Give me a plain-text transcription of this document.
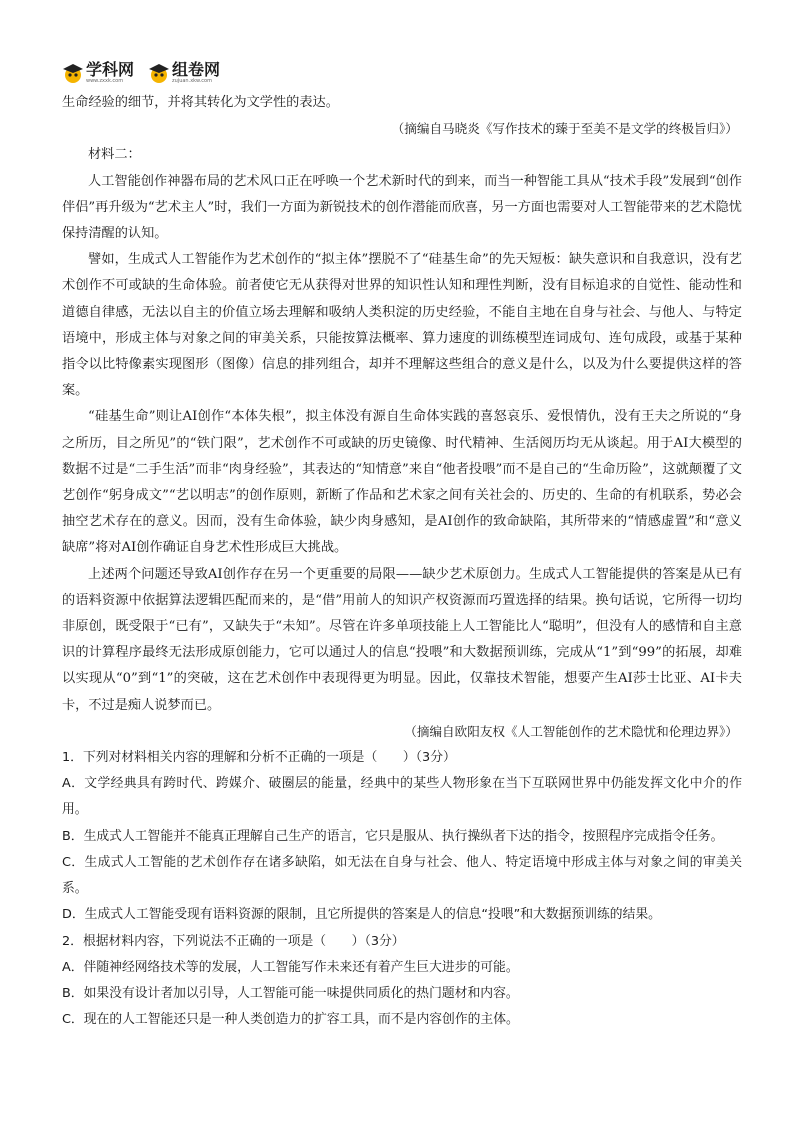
学科网
www.zxxk.com
组卷网
zujuan.xkw.com

生命经验的细节，并将其转化为文学性的表达。

（摘编自马晓炎《写作技术的臻于至美不是文学的终极旨归》）

材料二：

人工智能创作神器布局的艺术风口正在呼唤一个艺术新时代的到来，而当一种智能工具从“技术手段”发展到“创作伴侣”再升级为“艺术主人”时，我们一方面为新锐技术的创作潜能而欣喜，另一方面也需要对人工智能带来的艺术隐忧保持清醒的认知。

譬如，生成式人工智能作为艺术创作的“拟主体”摆脱不了“硅基生命”的先天短板：缺失意识和自我意识，没有艺术创作不可或缺的生命体验。前者使它无从获得对世界的知识性认知和理性判断，没有目标追求的自觉性、能动性和道德自律感，无法以自主的价值立场去理解和吸纳人类积淀的历史经验，不能自主地在自身与社会、与他人、与特定语境中，形成主体与对象之间的审美关系，只能按算法概率、算力速度的训练模型连词成句、连句成段，或基于某种指令以比特像素实现图形（图像）信息的排列组合，却并不理解这些组合的意义是什么，以及为什么要提供这样的答案。

“硅基生命”则让AI创作“本体失根”，拟主体没有源自生命体实践的喜怒哀乐、爱恨情仇，没有王夫之所说的“身之所历，目之所见”的“铁门限”，艺术创作不可或缺的历史镜像、时代精神、生活阅历均无从谈起。用于AI大模型的数据不过是“二手生活”而非“肉身经验”，其表达的“知情意”来自“他者投喂”而不是自己的“生命历险”，这就颠覆了文艺创作“躬身成文”“艺以明志”的创作原则，新断了作品和艺术家之间有关社会的、历史的、生命的有机联系，势必会抽空艺术存在的意义。因而，没有生命体验，缺少肉身感知，是AI创作的致命缺陷，其所带来的“情感虚置”和“意义缺席”将对AI创作确证自身艺术性形成巨大挑战。

上述两个问题还导致AI创作存在另一个更重要的局限——缺少艺术原创力。生成式人工智能提供的答案是从已有的语料资源中依据算法逻辑匹配而来的，是“借”用前人的知识产权资源而巧置选择的结果。换句话说，它所得一切均非原创，既受限于“已有”，又缺失于“未知”。尽管在许多单项技能上人工智能比人“聪明”，但没有人的感情和自主意识的计算程序最终无法形成原创能力，它可以通过人的信息“投喂”和大数据预训练，完成从“1”到“99”的拓展，却难以实现从“0”到“1”的突破，这在艺术创作中表现得更为明显。因此，仅靠技术智能，想要产生AI莎士比亚、AI卡夫卡，不过是痴人说梦而已。

（摘编自欧阳友权《人工智能创作的艺术隐忧和伦理边界》）

1．下列对材料相关内容的理解和分析不正确的一项是（　　）（3分）

A．文学经典具有跨时代、跨媒介、破圈层的能量，经典中的某些人物形象在当下互联网世界中仍能发挥文化中介的作用。

B．生成式人工智能并不能真正理解自己生产的语言，它只是服从、执行操纵者下达的指令，按照程序完成指令任务。

C．生成式人工智能的艺术创作存在诸多缺陷，如无法在自身与社会、他人、特定语境中形成主体与对象之间的审美关系。

D．生成式人工智能受现有语料资源的限制，且它所提供的答案是人的信息“投喂”和大数据预训练的结果。

2．根据材料内容，下列说法不正确的一项是（　　）（3分）

A．伴随神经网络技术等的发展，人工智能写作未来还有着产生巨大进步的可能。

B．如果没有设计者加以引导，人工智能可能一味提供同质化的热门题材和内容。

C．现在的人工智能还只是一种人类创造力的扩容工具，而不是内容创作的主体。
